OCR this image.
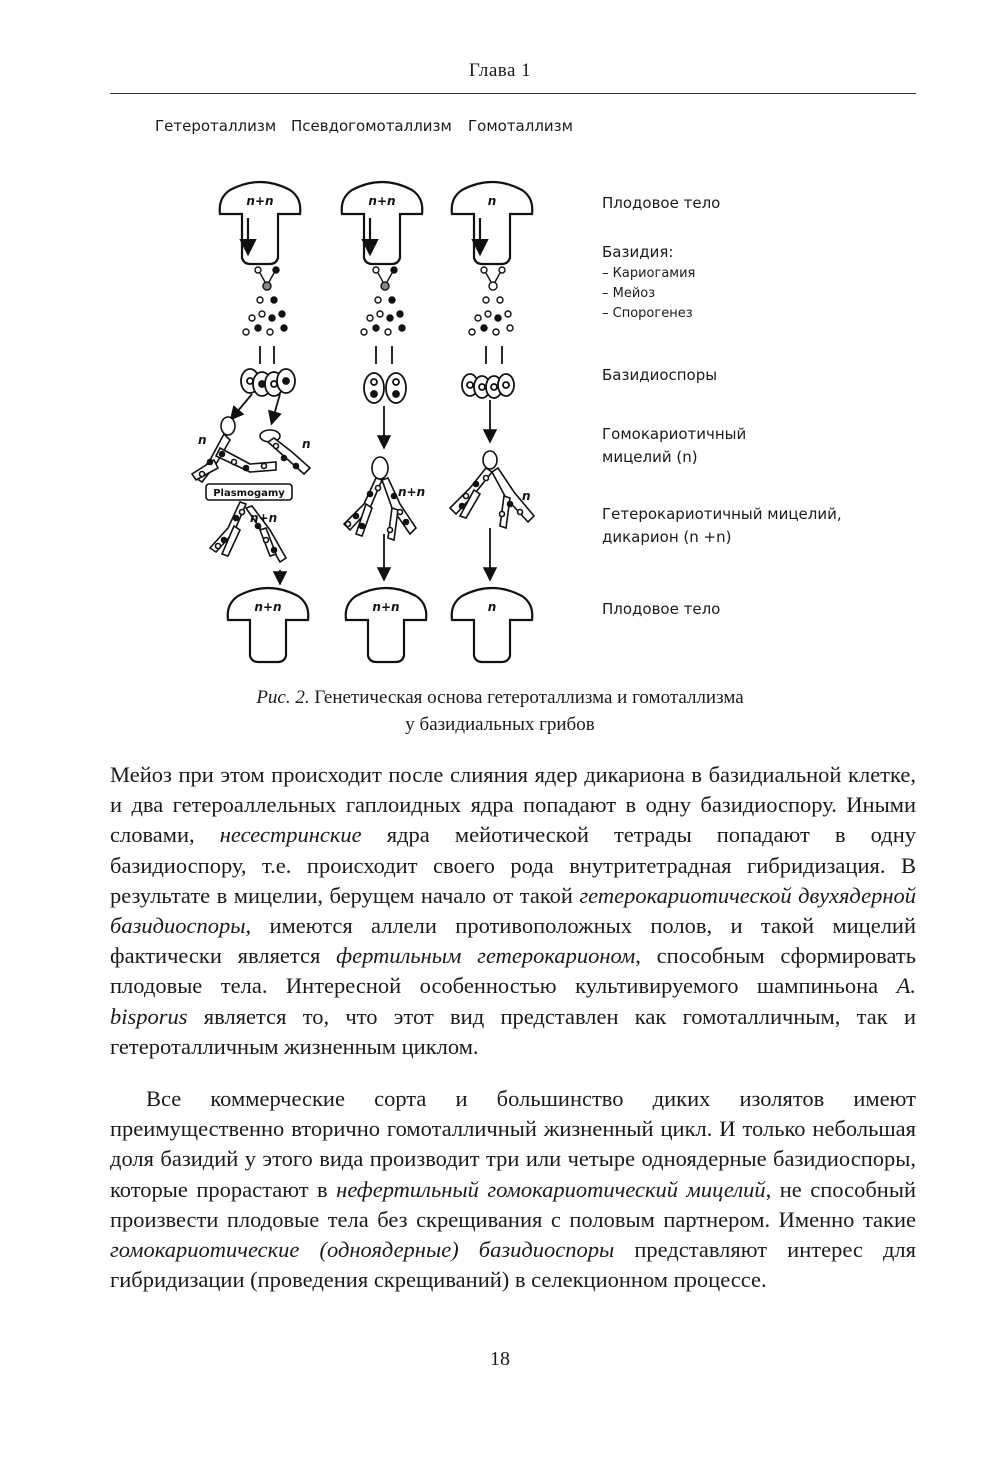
Глава 1
Гетероталлизм Псевдогомоталлизм Гомоталлизм
n+n	n+n	n
n+n	n+n	n
n	n
n+n
n+n	n
Plasmogamy
Плодовое тело
Базидия:
– Кариогамия
– Мейоз
– Спорогенез
Базидиоспоры
Гомокариотичный
мицелий (n)
Гетерокариотичный мицелий,
дикарион (n +n)
Плодовое тело
Рис. 2. Генетическая основа гетероталлизма и гомоталлизма
у базидиальных грибов

Мейоз при этом происходит после слияния ядер дикариона в базидиальной клетке, и два гетероаллельных гаплоидных ядра попадают в одну базидиоспору. Иными словами, несестринские ядра мейотической тетрады попадают в одну базидиоспору, т.е. происходит своего рода внутритетрадная гибридизация. В результате в мицелии, берущем начало от такой гетерокариотической двухядерной базидиоспоры, имеются аллели противоположных полов, и такой мицелий фактически является фертильным гетерокарионом, способным сформировать плодовые тела. Интересной особенностью культивируемого шампиньона A. bisporus является то, что этот вид представлен как гомоталличным, так и гетероталличным жизненным циклом.

Все коммерческие сорта и большинство диких изолятов имеют преимущественно вторично гомоталличный жизненный цикл. И только небольшая доля базидий у этого вида производит три или четыре одноядерные базидиоспоры, которые прорастают в нефертильный гомокариотический мицелий, не способный произвести плодовые тела без скрещивания с половым партнером. Именно такие гомокариотические (одноядерные) базидиоспоры представляют интерес для гибридизации (проведения скрещиваний) в селекционном процессе.

18
